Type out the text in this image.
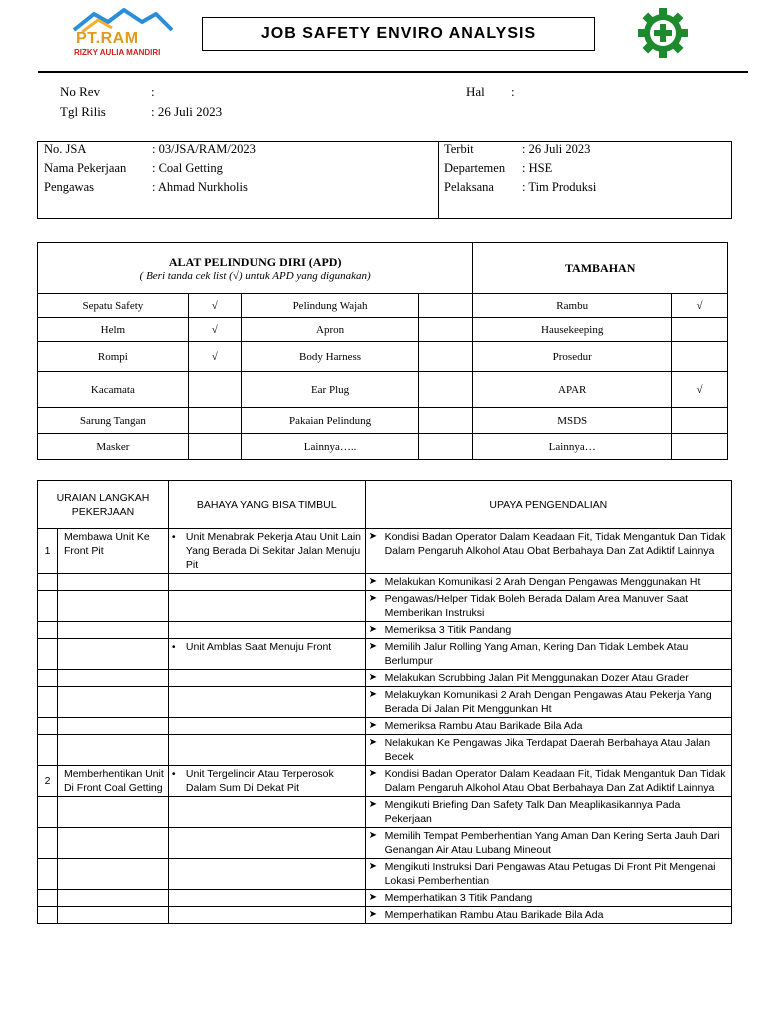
PT.RAM
RIZKY AULIA MANDIRI
JOB SAFETY ENVIRO ANALYSIS
No Rev	:
Tgl Rilis	: 26 Juli 2023
Hal :
No. JSA	: 03/JSA/RAM/2023
Nama Pekerjaan : Coal Getting
Pengawas	: Ahmad Nurkholis
Terbit	: 26 Juli 2023
Departemen : HSE
Pelaksana : Tim Produksi
ALAT PELINDUNG DIRI (APD)
( Beri tanda cek list (√) untuk APD yang digunakan)				TAMBAHAN	
Sepatu Safety	√	Pelindung Wajah		Rambu	√
Helm	√	Apron		Hausekeeping	
Rompi	√	Body Harness		Prosedur	
Kacamata		Ear Plug		APAR	√
Sarung Tangan		Pakaian Pelindung		MSDS	
Masker		Lainnya…..		Lainnya…	
URAIAN LANGKAH PEKERJAAN		BAHAYA YANG BISA TIMBUL	UPAYA PENGENDALIAN
1	Membawa Unit Ke Front Pit	• Unit Menabrak Pekerja Atau Unit Lain Yang Berada Di Sekitar Jalan Menuju Pit	➤ Kondisi Badan Operator Dalam Keadaan Fit, Tidak Mengantuk Dan Tidak Dalam Pengaruh Alkohol Atau Obat Berbahaya Dan Zat Adiktif Lainnya

			➤ Melakukan Komunikasi 2 Arah Dengan Pengawas Menggunakan Ht

			➤ Pengawas/Helper Tidak Boleh Berada Dalam Area Manuver Saat Memberikan Instruksi

			➤ Memeriksa 3 Titik Pandang

		• Unit Amblas Saat Menuju Front	➤ Memilih Jalur Rolling Yang Aman, Kering Dan Tidak Lembek Atau Berlumpur

			➤ Melakukan Scrubbing Jalan Pit Menggunakan Dozer Atau Grader

			➤ Melakuykan Komunikasi 2 Arah Dengan Pengawas Atau Pekerja Yang Berada Di Jalan Pit Menggunkan Ht

			➤ Memeriksa Rambu Atau Barikade Bila Ada

			➤ Nelakukan Ke Pengawas Jika Terdapat Daerah Berbahaya Atau Jalan Becek

2	Memberhentikan Unit Di Front Coal Getting	• Unit Tergelincir Atau Terperosok Dalam Sum Di Dekat Pit	➤ Kondisi Badan Operator Dalam Keadaan Fit, Tidak Mengantuk Dan Tidak Dalam Pengaruh Alkohol Atau Obat Berbahaya Dan Zat Adiktif Lainnya

			➤ Mengikuti Briefing Dan Safety Talk Dan Meaplikasikannya Pada Pekerjaan

			➤ Memilih Tempat Pemberhentian Yang Aman Dan Kering Serta Jauh Dari Genangan Air Atau Lubang Mineout

			➤ Mengikuti Instruksi Dari Pengawas Atau Petugas Di Front Pit Mengenai Lokasi Pemberhentian

			➤ Memperhatikan 3 Titik Pandang

			➤ Memperhatikan Rambu Atau Barikade Bila Ada
